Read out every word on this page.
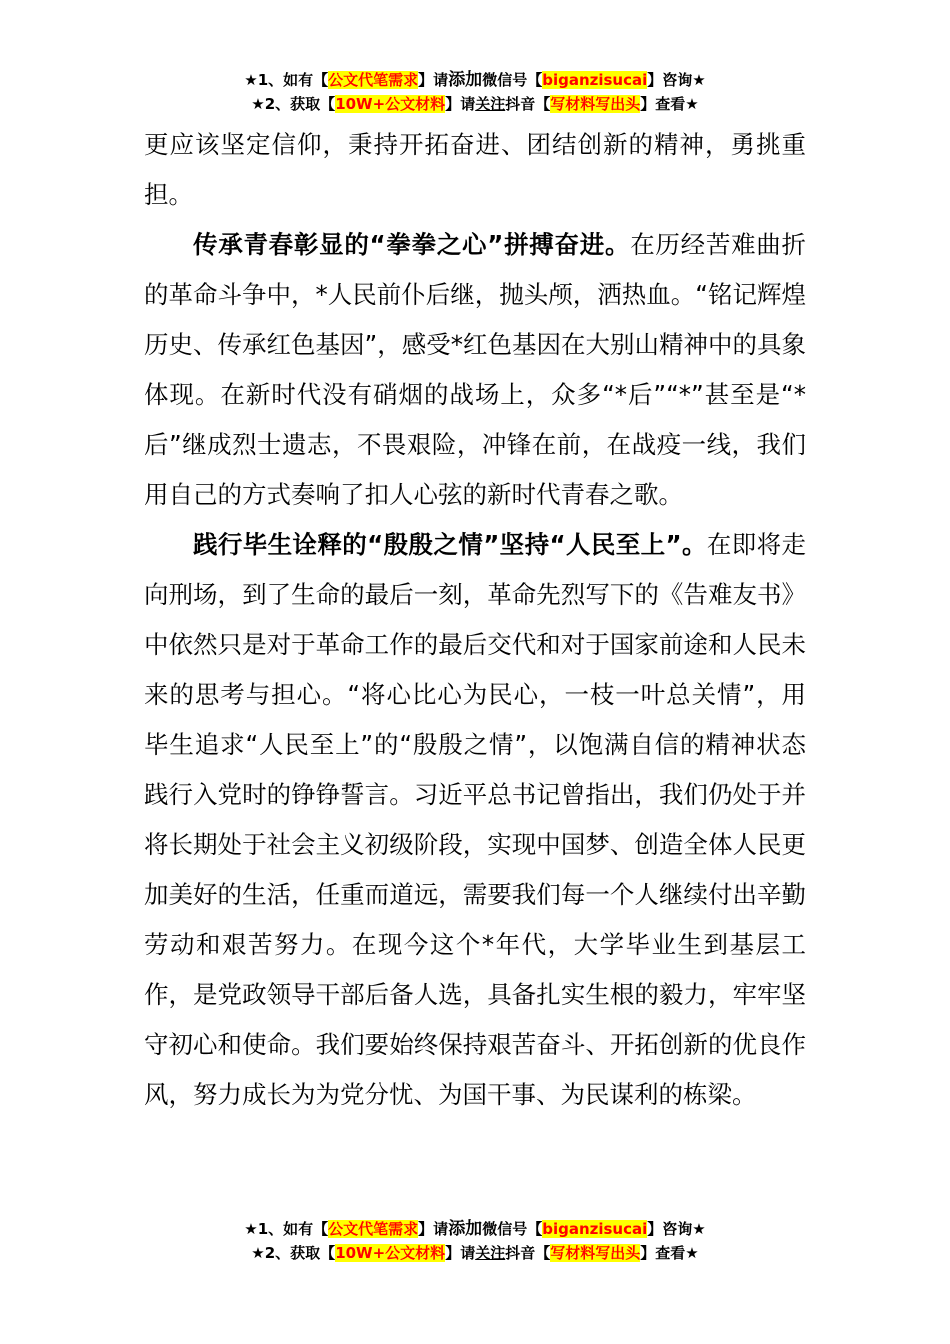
★1、如有【公文代笔需求】请添加微信号【biganzisucai】咨询★
★2、获取【10W+公文材料】请关注抖音【写材料写出头】查看★

更应该坚定信仰，秉持开拓奋进、团结创新的精神，勇挑重担。

传承青春彰显的“拳拳之心”拼搏奋进。在历经苦难曲折的革命斗争中，*人民前仆后继，抛头颅，洒热血。“铭记辉煌历史、传承红色基因”，感受*红色基因在大别山精神中的具象体现。在新时代没有硝烟的战场上，众多“*后”“*”甚至是“*后”继成烈士遗志，不畏艰险，冲锋在前，在战疫一线，我们用自己的方式奏响了扣人心弦的新时代青春之歌。

践行毕生诠释的“殷殷之情”坚持“人民至上”。在即将走向刑场，到了生命的最后一刻，革命先烈写下的《告难友书》中依然只是对于革命工作的最后交代和对于国家前途和人民未来的思考与担心。“将心比心为民心，一枝一叶总关情”，用毕生追求“人民至上”的“殷殷之情”，以饱满自信的精神状态践行入党时的铮铮誓言。习近平总书记曾指出，我们仍处于并将长期处于社会主义初级阶段，实现中国梦、创造全体人民更加美好的生活，任重而道远，需要我们每一个人继续付出辛勤劳动和艰苦努力。在现今这个*年代，大学毕业生到基层工作，是党政领导干部后备人选，具备扎实生根的毅力，牢牢坚守初心和使命。我们要始终保持艰苦奋斗、开拓创新的优良作风，努力成长为为党分忧、为国干事、为民谋利的栋梁。

★1、如有【公文代笔需求】请添加微信号【biganzisucai】咨询★
★2、获取【10W+公文材料】请关注抖音【写材料写出头】查看★
